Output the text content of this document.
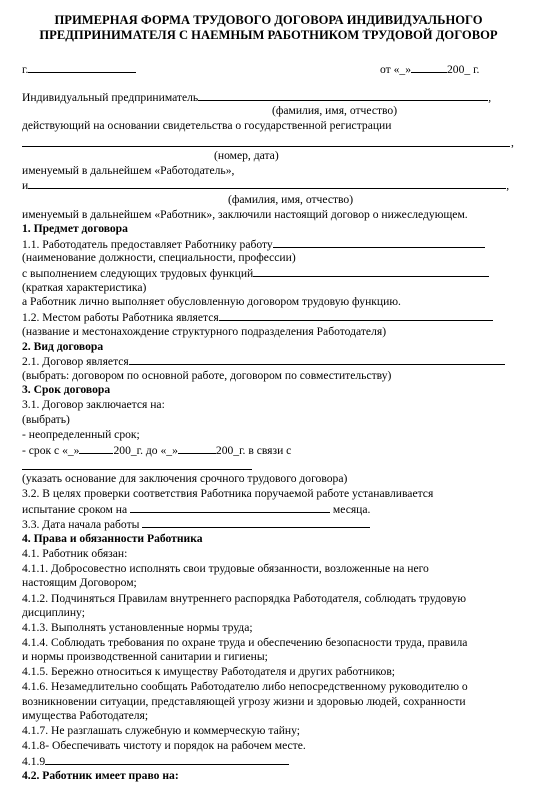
ПРИМЕРНАЯ ФОРМА ТРУДОВОГО ДОГОВОРА ИНДИВИДУАЛЬНОГО
ПРЕДПРИНИМАТЕЛЯ С НАЕМНЫМ РАБОТНИКОМ ТРУДОВОЙ ДОГОВОР
г.	от «_»	200_ г.
Индивидуальный предприниматель	,
(фамилия, имя, отчество)
действующий на основании свидетельства о государственной регистрации
,
(номер, дата)
именуемый в дальнейшем «Работодатель»,
и	,
(фамилия, имя, отчество)
именуемый в дальнейшем «Работник», заключили настоящий договор о нижеследующем.
1. Предмет договора
1.1. Работодатель предоставляет Работнику работу
(наименование должности, специальности, профессии)
с выполнением следующих трудовых функций
(краткая характеристика)
а Работник лично выполняет обусловленную договором трудовую функцию.
1.2. Местом работы Работника является
(название и местонахождение структурного подразделения Работодателя)
2. Вид договора
2.1. Договор является
(выбрать: договором по основной работе, договором по совместительству)
3. Срок договора
3.1. Договор заключается на:
(выбрать)
- неопределенный срок;
- срок с «_»	200_г. до «_»	200_г. в связи с
(указать основание для заключения срочного трудового договора)
3.2. В целях проверки соответствия Работника поручаемой работе устанавливается
испытание сроком на	месяца.
3.3. Дата начала работы
4. Права и обязанности Работника
4.1. Работник обязан:
4.1.1. Добросовестно исполнять свои трудовые обязанности, возложенные на него
настоящим Договором;
4.1.2. Подчиняться Правилам внутреннего распорядка Работодателя, соблюдать трудовую
дисциплину;
4.1.3. Выполнять установленные нормы труда;
4.1.4. Соблюдать требования по охране труда и обеспечению безопасности труда, правила
и нормы производственной санитарии и гигиены;
4.1.5. Бережно относиться к имуществу Работодателя и других работников;
4.1.6. Незамедлительно сообщать Работодателю либо непосредственному руководителю о
возникновении ситуации, представляющей угрозу жизни и здоровью людей, сохранности
имущества Работодателя;
4.1.7. Не разглашать служебную и коммерческую тайну;
4.1.8- Обеспечивать чистоту и порядок на рабочем месте.
4.1.9
4.2. Работник имеет право на:
